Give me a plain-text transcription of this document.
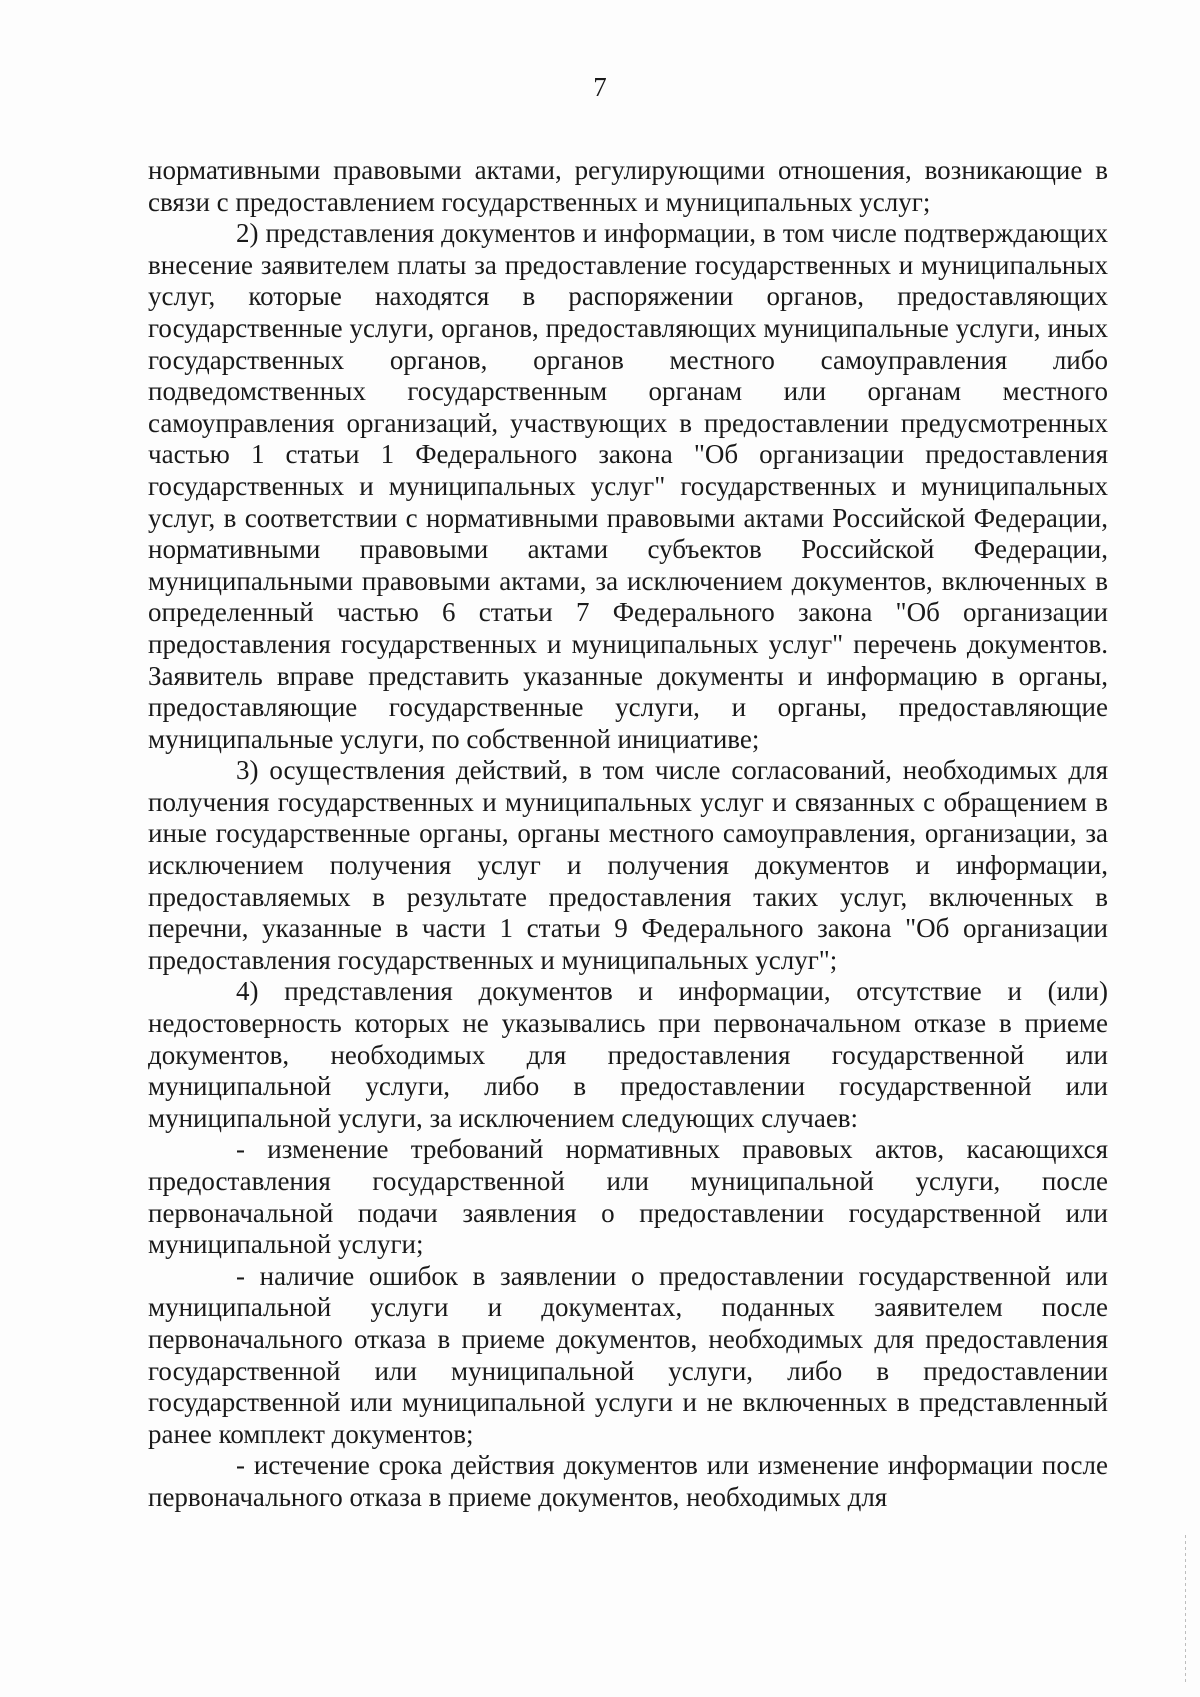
7

нормативными правовыми актами, регулирующими отношения, возникающие в связи с предоставлением государственных и муниципальных услуг;

2) представления документов и информации, в том числе подтверждающих внесение заявителем платы за предоставление государственных и муниципальных услуг, которые находятся в распоряжении органов, предоставляющих государственные услуги, органов, предоставляющих муниципальные услуги, иных государственных органов, органов местного самоуправления либо подведомственных государственным органам или органам местного самоуправления организаций, участвующих в предоставлении предусмотренных частью 1 статьи 1 Федерального закона "Об организации предоставления государственных и муниципальных услуг" государственных и муниципальных услуг, в соответствии с нормативными правовыми актами Российской Федерации, нормативными правовыми актами субъектов Российской Федерации, муниципальными правовыми актами, за исключением документов, включенных в определенный частью 6 статьи 7 Федерального закона "Об организации предоставления государственных и муниципальных услуг" перечень документов. Заявитель вправе представить указанные документы и информацию в органы, предоставляющие государственные услуги, и органы, предоставляющие муниципальные услуги, по собственной инициативе;

3) осуществления действий, в том числе согласований, необходимых для получения государственных и муниципальных услуг и связанных с обращением в иные государственные органы, органы местного самоуправления, организации, за исключением получения услуг и получения документов и информации, предоставляемых в результате предоставления таких услуг, включенных в перечни, указанные в части 1 статьи 9 Федерального закона "Об организации предоставления государственных и муниципальных услуг";

4) представления документов и информации, отсутствие и (или) недостоверность которых не указывались при первоначальном отказе в приеме документов, необходимых для предоставления государственной или муниципальной услуги, либо в предоставлении государственной или муниципальной услуги, за исключением следующих случаев:

- изменение требований нормативных правовых актов, касающихся предоставления государственной или муниципальной услуги, после первоначальной подачи заявления о предоставлении государственной или муниципальной услуги;

- наличие ошибок в заявлении о предоставлении государственной или муниципальной услуги и документах, поданных заявителем после первоначального отказа в приеме документов, необходимых для предоставления государственной или муниципальной услуги, либо в предоставлении государственной или муниципальной услуги и не включенных в представленный ранее комплект документов;

- истечение срока действия документов или изменение информации после первоначального отказа в приеме документов, необходимых для
